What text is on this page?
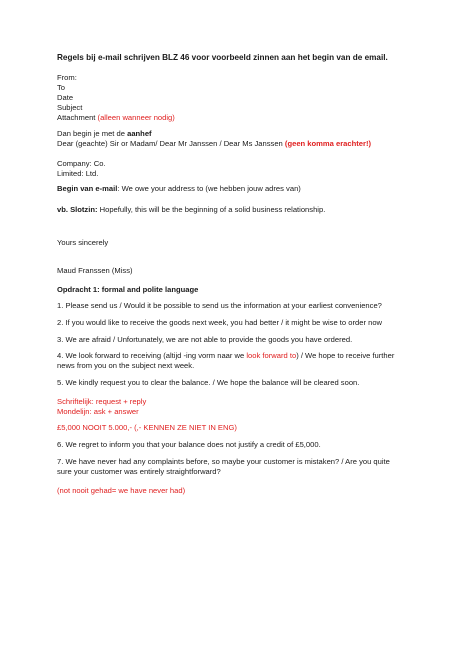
Regels bij e-mail schrijven BLZ 46 voor voorbeeld zinnen aan het begin van de email.
From:
To
Date
Subject
Attachment (alleen wanneer nodig)
Dan begin je met de aanhef
Dear (geachte) Sir or Madam/ Dear Mr Janssen / Dear Ms Janssen (geen komma erachter!)
Company: Co.
Limited: Ltd.
Begin van e-mail: We owe your address to (we hebben jouw adres van)
vb. Slotzin: Hopefully, this will be the beginning of a solid business relationship.
Yours sincerely
Maud Franssen (Miss)
Opdracht 1: formal and polite language
1. Please send us / Would it be possible to send us the information at your earliest convenience?
2. If you would like to receive the goods next week, you had better / it might be wise to order now
3. We are afraid / Unfortunately, we are not able to provide the goods you have ordered.
4. We look forward to receiving (altijd -ing vorm naar we look forward to) / We hope to receive further
news from you on the subject next week.
5. We kindly request you to clear the balance. / We hope the balance will be cleared soon.
Schriftelijk: request + reply
Mondelijn: ask + answer
£5,000 NOOIT 5.000,- (,- KENNEN ZE NIET IN ENG)
6. We regret to inform you that your balance does not justify a credit of £5,000.
7. We have never had any complaints before, so maybe your customer is mistaken? / Are you quite
sure your customer was entirely straightforward?
(not nooit gehad= we have never had)
